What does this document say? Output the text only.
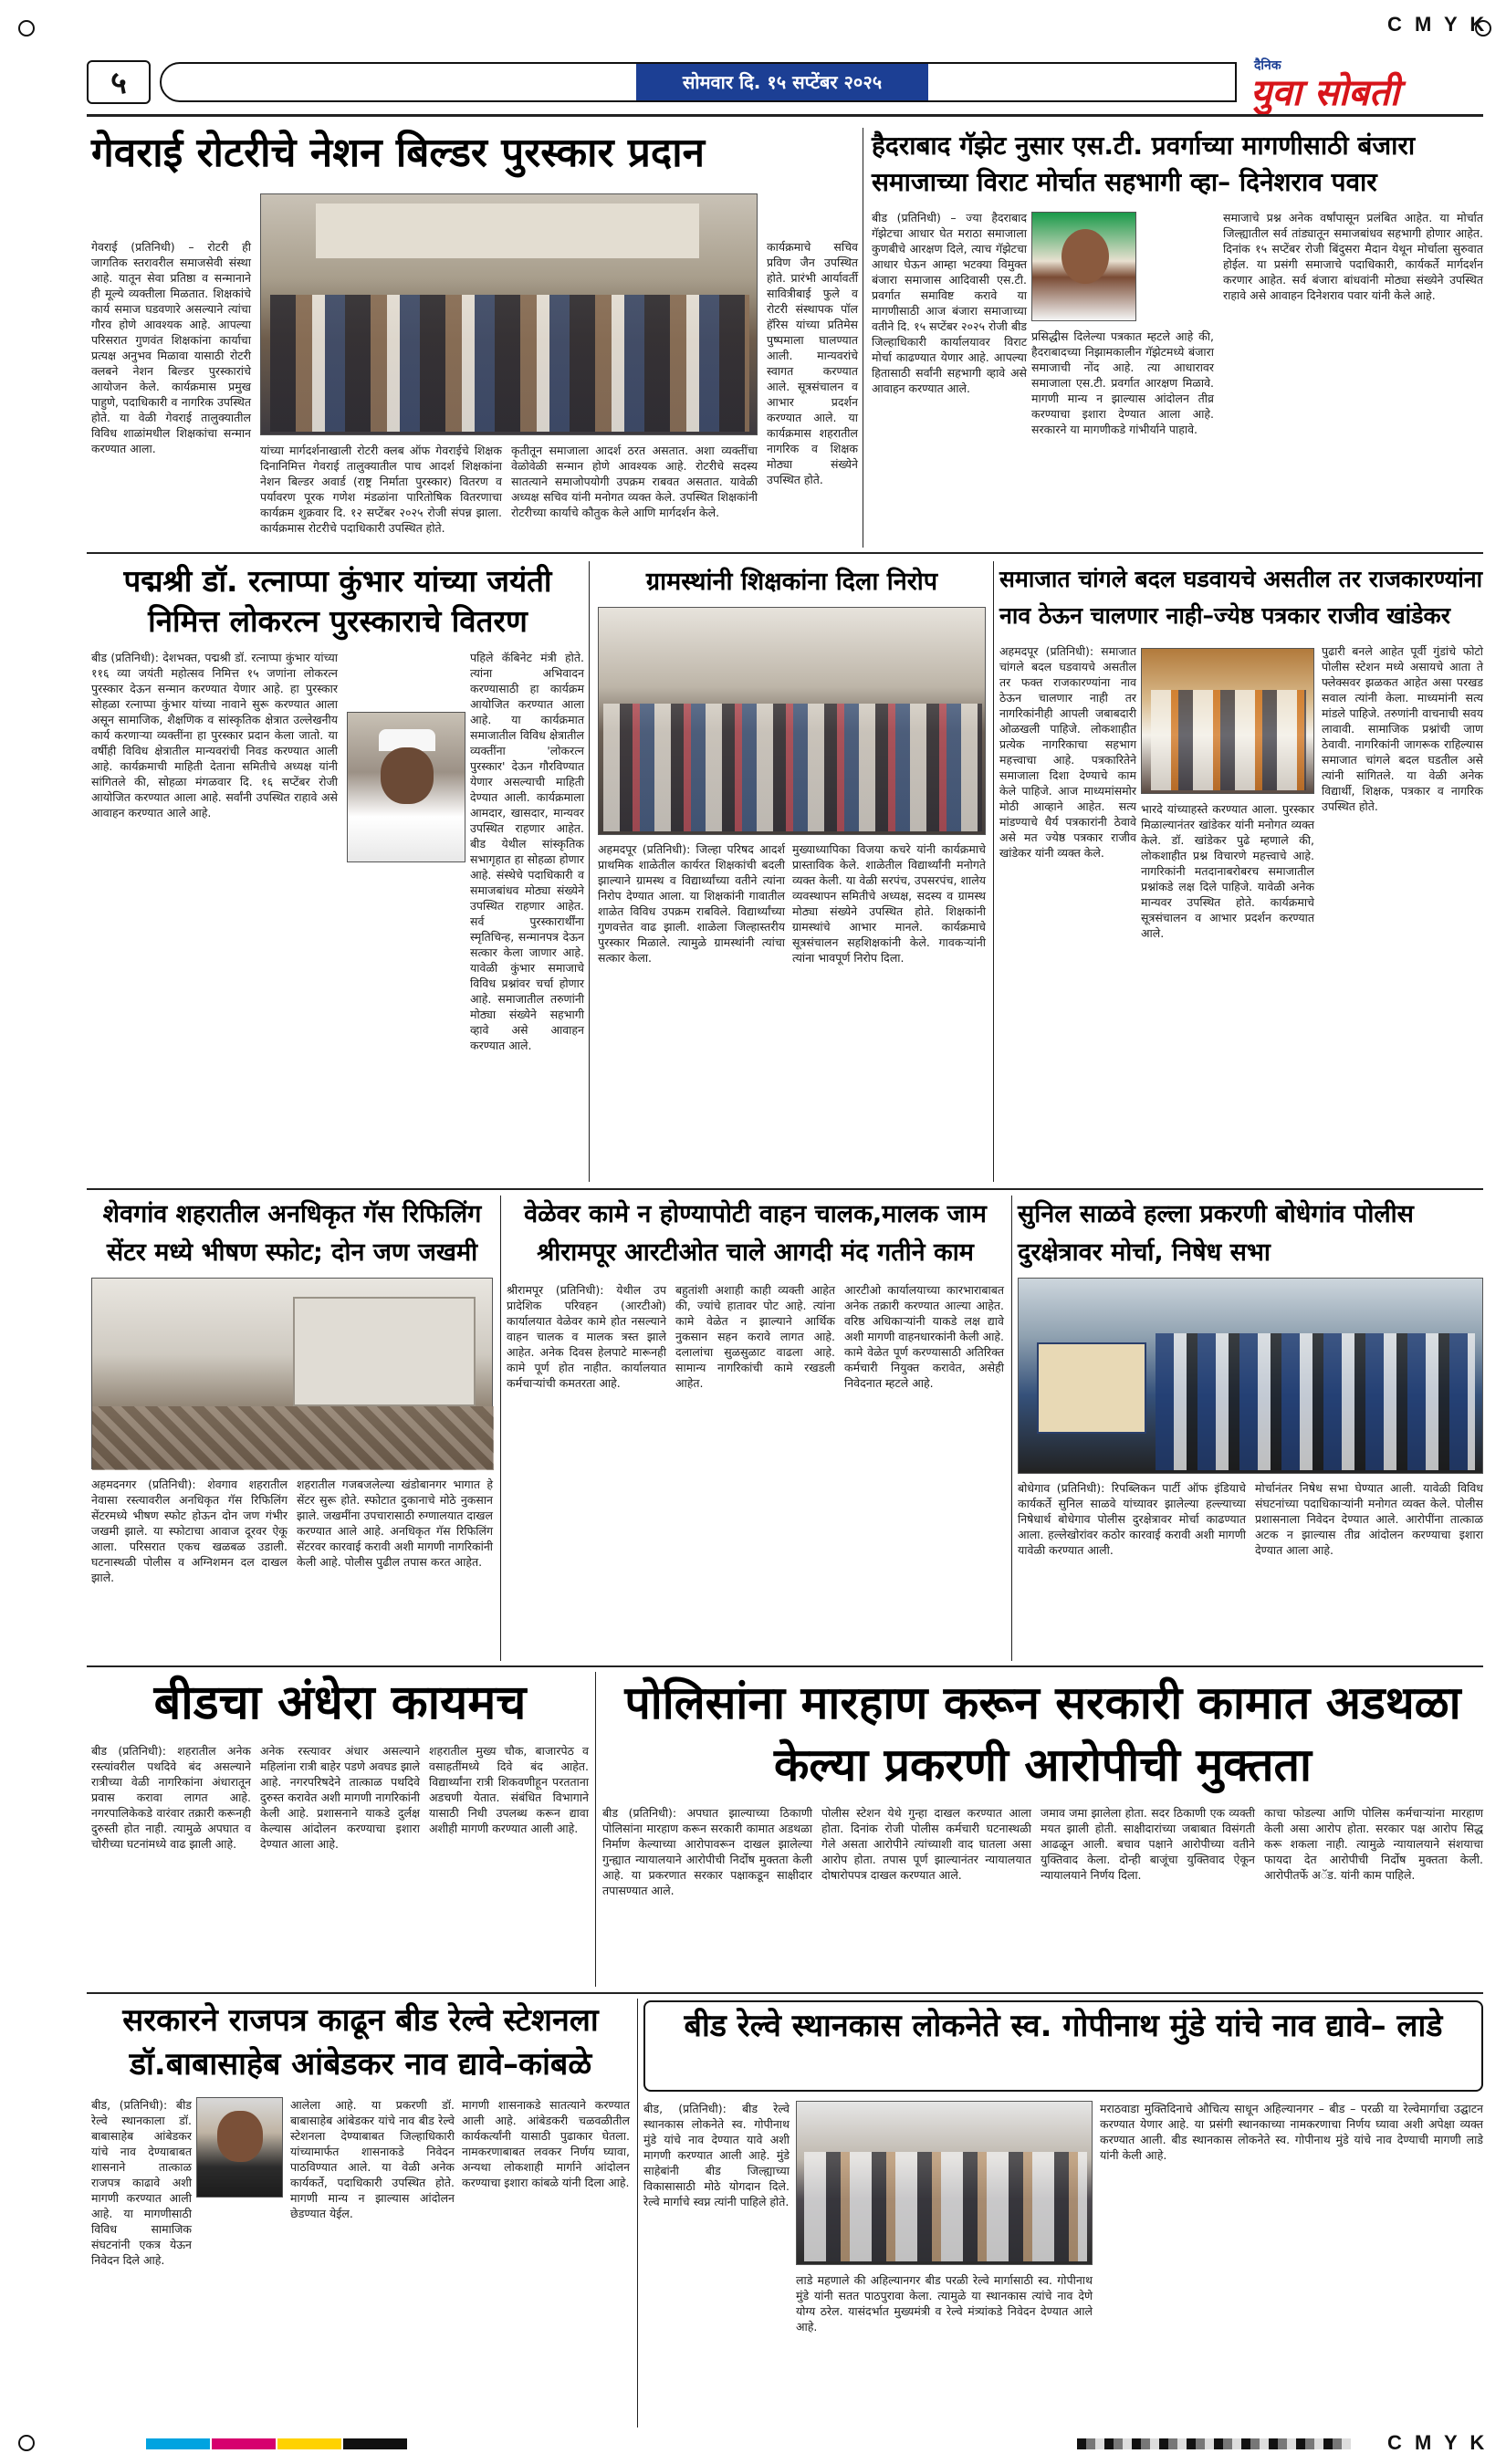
C M Y K
५	सोमवार दि. १५ सप्टेंबर २०२५
दैनिक
युवा सोबती
गेवराई रोटरीचे नेशन बिल्डर पुरस्कार प्रदान
गेवराई (प्रतिनिधी) – रोटरी ही जागतिक स्तरावरील समाजसेवी संस्था आहे. यातून सेवा प्रतिष्ठा व सन्मानाने ही मूल्ये व्यक्तीला मिळतात. शिक्षकांचे कार्य समाज घडवणारे असल्याने त्यांचा गौरव होणे आवश्यक आहे. आपल्या परिसरात गुणवंत शिक्षकांना कार्याचा प्रत्यक्ष अनुभव मिळावा यासाठी रोटरी क्लबने नेशन बिल्डर पुरस्कारांचे आयोजन केले. कार्यक्रमास प्रमुख पाहुणे, पदाधिकारी व नागरिक उपस्थित होते. या वेळी गेवराई तालुक्यातील विविध शाळांमधील शिक्षकांचा सन्मान करण्यात आला.	यांच्या मार्गदर्शनाखाली रोटरी क्लब ऑफ गेवराईचे शिक्षक दिनानिमित्त गेवराई तालुक्यातील पाच आदर्श शिक्षकांना नेशन बिल्डर अवार्ड (राष्ट्र निर्माता पुरस्कार) वितरण व पर्यावरण पूरक गणेश मंडळांना पारितोषिक वितरणाचा कार्यक्रम शुक्रवार दि. १२ सप्टेंबर २०२५ रोजी संपन्न झाला. कार्यक्रमास रोटरीचे पदाधिकारी उपस्थित होते.
कृतीतून समाजाला आदर्श ठरत असतात. अशा व्यक्तींचा वेळोवेळी सन्मान होणे आवश्यक आहे. रोटरीचे सदस्य सातत्याने समाजोपयोगी उपक्रम राबवत असतात. यावेळी अध्यक्ष सचिव यांनी मनोगत व्यक्त केले. उपस्थित शिक्षकांनी रोटरीच्या कार्याचे कौतुक केले आणि मार्गदर्शन केले.
कार्यक्रमाचे सचिव प्रविण जैन उपस्थित होते. प्रारंभी आर्यावर्ती सावित्रीबाई फुले व रोटरी संस्थापक पॉल हॅरिस यांच्या प्रतिमेस पुष्पमाला घालण्यात आली. मान्यवरांचे स्वागत करण्यात आले. सूत्रसंचालन व आभार प्रदर्शन करण्यात आले. या कार्यक्रमास शहरातील नागरिक व शिक्षक मोठ्या संख्येने उपस्थित होते.
हैदराबाद गॅझेट नुसार एस.टी. प्रवर्गाच्या मागणीसाठी बंजारा समाजाच्या विराट मोर्चात सहभागी व्हा– दिनेशराव पवार
बीड (प्रतिनिधी) – ज्या हैदराबाद गॅझेटचा आधार घेत मराठा समाजाला कुणबीचे आरक्षण दिले, त्याच गॅझेटचा आधार घेऊन आम्हा भटक्या विमुक्त बंजारा समाजास आदिवासी एस.टी. प्रवर्गात समाविष्ट करावे या मागणीसाठी आज बंजारा समाजाच्या वतीने दि. १५ सप्टेंबर २०२५ रोजी बीड जिल्हाधिकारी कार्यालयावर विराट मोर्चा काढण्यात येणार आहे. आपल्या हितासाठी सर्वांनी सहभागी व्हावे असे आवाहन करण्यात आले.
प्रसिद्धीस दिलेल्या पत्रकात म्हटले आहे की, हैदराबादच्या निझामकालीन गॅझेटमध्ये बंजारा समाजाची नोंद आहे. त्या आधारावर समाजाला एस.टी. प्रवर्गात आरक्षण मिळावे. मागणी मान्य न झाल्यास आंदोलन तीव्र करण्याचा इशारा देण्यात आला आहे. सरकारने या मागणीकडे गांभीर्याने पाहावे.
समाजाचे प्रश्न अनेक वर्षांपासून प्रलंबित आहेत. या मोर्चात जिल्ह्यातील सर्व तांड्यातून समाजबांधव सहभागी होणार आहेत. दिनांक १५ सप्टेंबर रोजी बिंदुसरा मैदान येथून मोर्चाला सुरुवात होईल. या प्रसंगी समाजाचे पदाधिकारी, कार्यकर्ते मार्गदर्शन करणार आहेत. सर्व बंजारा बांधवांनी मोठ्या संख्येने उपस्थित राहावे असे आवाहन दिनेशराव पवार यांनी केले आहे.
पद्मश्री डॉ. रत्नाप्पा कुंभार यांच्या जयंती निमित्त लोकरत्न पुरस्काराचे वितरण
बीड (प्रतिनिधी): देशभक्त, पद्मश्री डॉ. रत्नाप्पा कुंभार यांच्या ११६ व्या जयंती महोत्सव निमित्त १५ जणांना लोकरत्न पुरस्कार देऊन सन्मान करण्यात येणार आहे. हा पुरस्कार सोहळा रत्नाप्पा कुंभार यांच्या नावाने सुरू करण्यात आला असून सामाजिक, शैक्षणिक व सांस्कृतिक क्षेत्रात उल्लेखनीय कार्य करणाऱ्या व्यक्तींना हा पुरस्कार प्रदान केला जातो. या वर्षीही विविध क्षेत्रातील मान्यवरांची निवड करण्यात आली आहे. कार्यक्रमाची माहिती देताना समितीचे अध्यक्ष यांनी सांगितले की, सोहळा मंगळवार दि. १६ सप्टेंबर रोजी आयोजित करण्यात आला आहे. सर्वांनी उपस्थित राहावे असे आवाहन करण्यात आले आहे.
पहिले कॅबिनेट मंत्री होते. त्यांना अभिवादन करण्यासाठी हा कार्यक्रम आयोजित करण्यात आला आहे. या कार्यक्रमात समाजातील विविध क्षेत्रातील व्यक्तींना 'लोकरत्न पुरस्कार' देऊन गौरविण्यात येणार असल्याची माहिती देण्यात आली. कार्यक्रमाला आमदार, खासदार, मान्यवर उपस्थित राहणार आहेत. बीड येथील सांस्कृतिक सभागृहात हा सोहळा होणार आहे. संस्थेचे पदाधिकारी व समाजबांधव मोठ्या संख्येने उपस्थित राहणार आहेत. सर्व पुरस्कारार्थींना स्मृतिचिन्ह, सन्मानपत्र देऊन सत्कार केला जाणार आहे. यावेळी कुंभार समाजाचे विविध प्रश्नांवर चर्चा होणार आहे. समाजातील तरुणांनी मोठ्या संख्येने सहभागी व्हावे असे आवाहन करण्यात आले.
ग्रामस्थांनी शिक्षकांना दिला निरोप
अहमदपूर (प्रतिनिधी): जिल्हा परिषद आदर्श प्राथमिक शाळेतील कार्यरत शिक्षकांची बदली झाल्याने ग्रामस्थ व विद्यार्थ्यांच्या वतीने त्यांना निरोप देण्यात आला. या शिक्षकांनी गावातील शाळेत विविध उपक्रम राबविले. विद्यार्थ्यांच्या गुणवत्तेत वाढ झाली. शाळेला जिल्हास्तरीय पुरस्कार मिळाले. त्यामुळे ग्रामस्थांनी त्यांचा सत्कार केला.
मुख्याध्यापिका विजया कचरे यांनी कार्यक्रमाचे प्रास्ताविक केले. शाळेतील विद्यार्थ्यांनी मनोगते व्यक्त केली. या वेळी सरपंच, उपसरपंच, शालेय व्यवस्थापन समितीचे अध्यक्ष, सदस्य व ग्रामस्थ मोठ्या संख्येने उपस्थित होते. शिक्षकांनी ग्रामस्थांचे आभार मानले. कार्यक्रमाचे सूत्रसंचालन सहशिक्षकांनी केले. गावकऱ्यांनी त्यांना भावपूर्ण निरोप दिला.
समाजात चांगले बदल घडवायचे असतील तर राजकारण्यांना नाव ठेऊन चालणार नाही–ज्येष्ठ पत्रकार राजीव खांडेकर
अहमदपूर (प्रतिनिधी): समाजात चांगले बदल घडवायचे असतील तर फक्त राजकारण्यांना नाव ठेऊन चालणार नाही तर नागरिकांनीही आपली जबाबदारी ओळखली पाहिजे. लोकशाहीत प्रत्येक नागरिकाचा सहभाग महत्त्वाचा आहे. पत्रकारितेने समाजाला दिशा देण्याचे काम केले पाहिजे. आज माध्यमांसमोर मोठी आव्हाने आहेत. सत्य मांडण्याचे धैर्य पत्रकारांनी ठेवावे असे मत ज्येष्ठ पत्रकार राजीव खांडेकर यांनी व्यक्त केले.
भारदे यांच्याहस्ते करण्यात आला. पुरस्कार मिळाल्यानंतर खांडेकर यांनी मनोगत व्यक्त केले. डॉ. खांडेकर पुढे म्हणाले की, लोकशाहीत प्रश्न विचारणे महत्त्वाचे आहे. नागरिकांनी मतदानाबरोबरच समाजातील प्रश्नांकडे लक्ष दिले पाहिजे. यावेळी अनेक मान्यवर उपस्थित होते. कार्यक्रमाचे सूत्रसंचालन व आभार प्रदर्शन करण्यात आले.
पुढारी बनले आहेत पूर्वी गुंडांचे फोटो पोलीस स्टेशन मध्ये असायचे आता ते फ्लेक्सवर झळकत आहेत असा परखड सवाल त्यांनी केला. माध्यमांनी सत्य मांडले पाहिजे. तरुणांनी वाचनाची सवय लावावी. सामाजिक प्रश्नांची जाण ठेवावी. नागरिकांनी जागरूक राहिल्यास समाजात चांगले बदल घडतील असे त्यांनी सांगितले. या वेळी अनेक विद्यार्थी, शिक्षक, पत्रकार व नागरिक उपस्थित होते.
शेवगांव शहरातील अनधिकृत गॅस रिफिलिंग सेंटर मध्ये भीषण स्फोट; दोन जण जखमी
अहमदनगर (प्रतिनिधी): शेवगाव शहरातील नेवासा रस्त्यावरील अनधिकृत गॅस रिफिलिंग सेंटरमध्ये भीषण स्फोट होऊन दोन जण गंभीर जखमी झाले. या स्फोटाचा आवाज दूरवर ऐकू आला. परिसरात एकच खळबळ उडाली. घटनास्थळी पोलीस व अग्निशमन दल दाखल झाले.
शहरातील गजबजलेल्या खंडोबानगर भागात हे सेंटर सुरू होते. स्फोटात दुकानाचे मोठे नुकसान झाले. जखमींना उपचारासाठी रुग्णालयात दाखल करण्यात आले आहे. अनधिकृत गॅस रिफिलिंग सेंटरवर कारवाई करावी अशी मागणी नागरिकांनी केली आहे. पोलीस पुढील तपास करत आहेत.
वेळेवर कामे न होण्यापोटी वाहन चालक,मालक जाम श्रीरामपूर आरटीओत चाले आगदी मंद गतीने काम
श्रीरामपूर (प्रतिनिधी): येथील उप प्रादेशिक परिवहन (आरटीओ) कार्यालयात वेळेवर कामे होत नसल्याने वाहन चालक व मालक त्रस्त झाले आहेत. अनेक दिवस हेलपाटे मारूनही कामे पूर्ण होत नाहीत. कार्यालयात कर्मचाऱ्यांची कमतरता आहे.
बहुतांशी अशाही काही व्यक्ती आहेत की, ज्यांचे हातावर पोट आहे. त्यांना कामे वेळेत न झाल्याने आर्थिक नुकसान सहन करावे लागत आहे. दलालांचा सुळसुळाट वाढला आहे. सामान्य नागरिकांची कामे रखडली आहेत.
आरटीओ कार्यालयाच्या कारभाराबाबत अनेक तक्रारी करण्यात आल्या आहेत. वरिष्ठ अधिकाऱ्यांनी याकडे लक्ष द्यावे अशी मागणी वाहनधारकांनी केली आहे. कामे वेळेत पूर्ण करण्यासाठी अतिरिक्त कर्मचारी नियुक्त करावेत, असेही निवेदनात म्हटले आहे.
सुनिल साळवे हल्ला प्रकरणी बोधेगांव पोलीस दुरक्षेत्रावर मोर्चा, निषेध सभा
बोधेगाव (प्रतिनिधी): रिपब्लिकन पार्टी ऑफ इंडियाचे कार्यकर्ते सुनिल साळवे यांच्यावर झालेल्या हल्ल्याच्या निषेधार्थ बोधेगाव पोलीस दुरक्षेत्रावर मोर्चा काढण्यात आला. हल्लेखोरांवर कठोर कारवाई करावी अशी मागणी यावेळी करण्यात आली.
मोर्चानंतर निषेध सभा घेण्यात आली. यावेळी विविध संघटनांच्या पदाधिकाऱ्यांनी मनोगत व्यक्त केले. पोलीस प्रशासनाला निवेदन देण्यात आले. आरोपींना तात्काळ अटक न झाल्यास तीव्र आंदोलन करण्याचा इशारा देण्यात आला आहे.
बीडचा अंधेरा कायमच
बीड (प्रतिनिधी): शहरातील अनेक रस्त्यांवरील पथदिवे बंद असल्याने रात्रीच्या वेळी नागरिकांना अंधारातून प्रवास करावा लागत आहे. नगरपालिकेकडे वारंवार तक्रारी करूनही दुरुस्ती होत नाही. त्यामुळे अपघात व चोरीच्या घटनांमध्ये वाढ झाली आहे.
अनेक रस्त्यावर अंधार असल्याने महिलांना रात्री बाहेर पडणे अवघड झाले आहे. नगरपरिषदेने तात्काळ पथदिवे दुरुस्त करावेत अशी मागणी नागरिकांनी केली आहे. प्रशासनाने याकडे दुर्लक्ष केल्यास आंदोलन करण्याचा इशारा देण्यात आला आहे.
शहरातील मुख्य चौक, बाजारपेठ व वसाहतींमध्ये दिवे बंद आहेत. विद्यार्थ्यांना रात्री शिकवणीहून परतताना अडचणी येतात. संबंधित विभागाने यासाठी निधी उपलब्ध करून द्यावा अशीही मागणी करण्यात आली आहे.
पोलिसांना मारहाण करून सरकारी कामात अडथळा केल्या प्रकरणी आरोपीची मुक्तता
बीड (प्रतिनिधी): अपघात झाल्याच्या ठिकाणी पोलिसांना मारहाण करून सरकारी कामात अडथळा निर्माण केल्याच्या आरोपावरून दाखल झालेल्या गुन्ह्यात न्यायालयाने आरोपीची निर्दोष मुक्तता केली आहे. या प्रकरणात सरकार पक्षाकडून साक्षीदार तपासण्यात आले.
पोलीस स्टेशन येथे गुन्हा दाखल करण्यात आला होता. दिनांक रोजी पोलीस कर्मचारी घटनास्थळी गेले असता आरोपीने त्यांच्याशी वाद घातला असा आरोप होता. तपास पूर्ण झाल्यानंतर न्यायालयात दोषारोपपत्र दाखल करण्यात आले.
जमाव जमा झालेला होता. सदर ठिकाणी एक व्यक्ती मयत झाली होती. साक्षीदारांच्या जबाबात विसंगती आढळून आली. बचाव पक्षाने आरोपीच्या वतीने युक्तिवाद केला. दोन्ही बाजूंचा युक्तिवाद ऐकून न्यायालयाने निर्णय दिला.
काचा फोडल्या आणि पोलिस कर्मचाऱ्यांना मारहाण केली असा आरोप होता. सरकार पक्ष आरोप सिद्ध करू शकला नाही. त्यामुळे न्यायालयाने संशयाचा फायदा देत आरोपीची निर्दोष मुक्तता केली. आरोपीतर्फे अॅड. यांनी काम पाहिले.
सरकारने राजपत्र काढून बीड रेल्वे स्टेशनला डॉ.बाबासाहेब आंबेडकर नाव द्यावे–कांबळे
बीड, (प्रतिनिधी): बीड रेल्वे स्थानकाला डॉ. बाबासाहेब आंबेडकर यांचे नाव देण्याबाबत शासनाने तात्काळ राजपत्र काढावे अशी मागणी करण्यात आली आहे. या मागणीसाठी विविध सामाजिक संघटनांनी एकत्र येऊन निवेदन दिले आहे.
आलेला आहे. या प्रकरणी डॉ. बाबासाहेब आंबेडकर यांचे नाव बीड रेल्वे स्टेशनला देण्याबाबत जिल्हाधिकारी यांच्यामार्फत शासनाकडे निवेदन पाठविण्यात आले. या वेळी अनेक कार्यकर्ते, पदाधिकारी उपस्थित होते. मागणी मान्य न झाल्यास आंदोलन छेडण्यात येईल.
मागणी शासनाकडे सातत्याने करण्यात आली आहे. आंबेडकरी चळवळीतील कार्यकर्त्यांनी यासाठी पुढाकार घेतला. नामकरणाबाबत लवकर निर्णय घ्यावा, अन्यथा लोकशाही मार्गाने आंदोलन करण्याचा इशारा कांबळे यांनी दिला आहे.
बीड रेल्वे स्थानकास लोकनेते स्व. गोपीनाथ मुंडे यांचे नाव द्यावे– लाडे
बीड, (प्रतिनिधी): बीड रेल्वे स्थानकास लोकनेते स्व. गोपीनाथ मुंडे यांचे नाव देण्यात यावे अशी मागणी करण्यात आली आहे. मुंडे साहेबांनी बीड जिल्ह्याच्या विकासासाठी मोठे योगदान दिले. रेल्वे मार्गाचे स्वप्न त्यांनी पाहिले होते.
लाडे महणाले की अहिल्यानगर बीड परळी रेल्वे मार्गासाठी स्व. गोपीनाथ मुंडे यांनी सतत पाठपुरावा केला. त्यामुळे या स्थानकास त्यांचे नाव देणे योग्य ठरेल. यासंदर्भात मुख्यमंत्री व रेल्वे मंत्र्यांकडे निवेदन देण्यात आले आहे.
मराठवाडा मुक्तिदिनाचे औचित्य साधून अहिल्यानगर – बीड – परळी या रेल्वेमार्गाचा उद्घाटन करण्यात येणार आहे. या प्रसंगी स्थानकाच्या नामकरणाचा निर्णय घ्यावा अशी अपेक्षा व्यक्त करण्यात आली. बीड स्थानकास लोकनेते स्व. गोपीनाथ मुंडे यांचे नाव देण्याची मागणी लाडे यांनी केली आहे.
C M Y K
